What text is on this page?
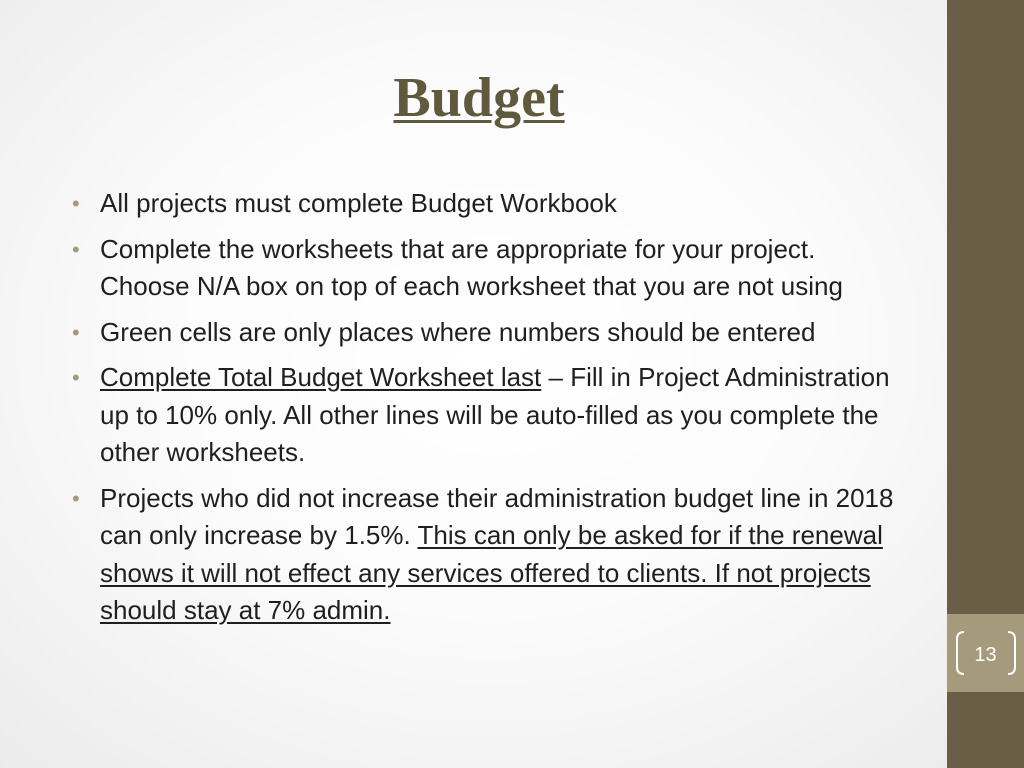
Budget
• All projects must complete Budget Workbook
• Complete the worksheets that are appropriate for your project. Choose N/A box on top of each worksheet that you are not using
• Green cells are only places where numbers should be entered
• Complete Total Budget Worksheet last – Fill in Project Administration up to 10% only. All other lines will be auto-filled as you complete the other worksheets.
• Projects who did not increase their administration budget line in 2018 can only increase by 1.5%. This can only be asked for if the renewal shows it will not effect any services offered to clients. If not projects should stay at 7% admin.
13
